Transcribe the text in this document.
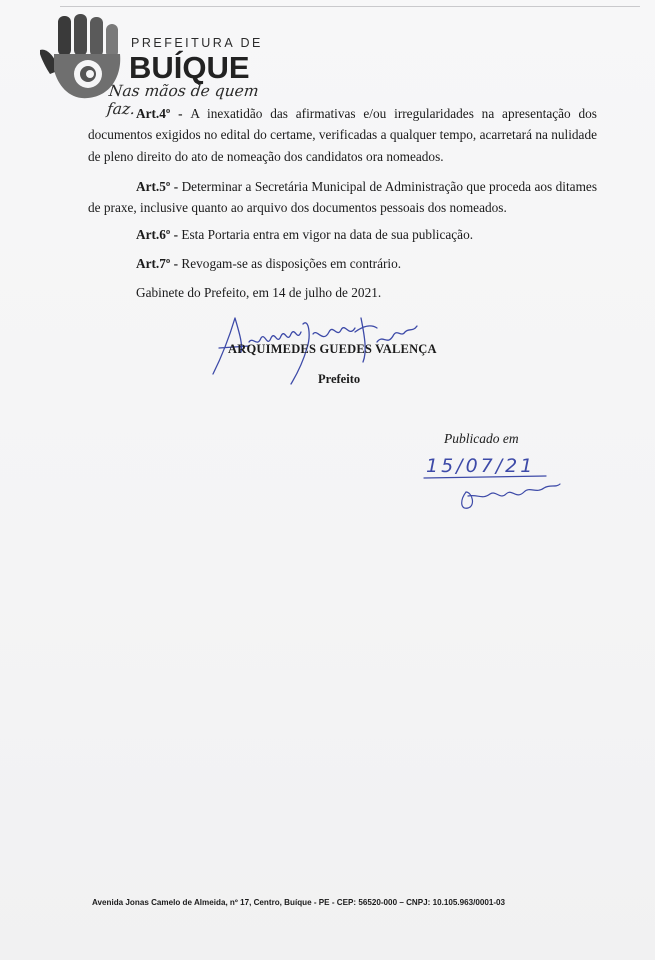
PREFEITURA DE
BUÍQUE
Nas mãos de quem faz. Art.4º - A inexatidão das afirmativas e/ou irregularidades na apresentação dos documentos exigidos no edital do certame, verificadas a qualquer tempo, acarretará na nulidade de pleno direito do ato de nomeação dos candidatos ora nomeados.
Art.5º - Determinar a Secretária Municipal de Administração que proceda aos ditames de praxe, inclusive quanto ao arquivo dos documentos pessoais dos nomeados.
Art.6º - Esta Portaria entra em vigor na data de sua publicação.
Art.7º - Revogam-se as disposições em contrário.
Gabinete do Prefeito, em 14 de julho de 2021.
ARQUIMEDES GUEDES VALENÇA
Prefeito
Publicado em
15/07/21
Avenida Jonas Camelo de Almeida, nº 17, Centro, Buíque - PE - CEP: 56520-000 – CNPJ: 10.105.963/0001-03
